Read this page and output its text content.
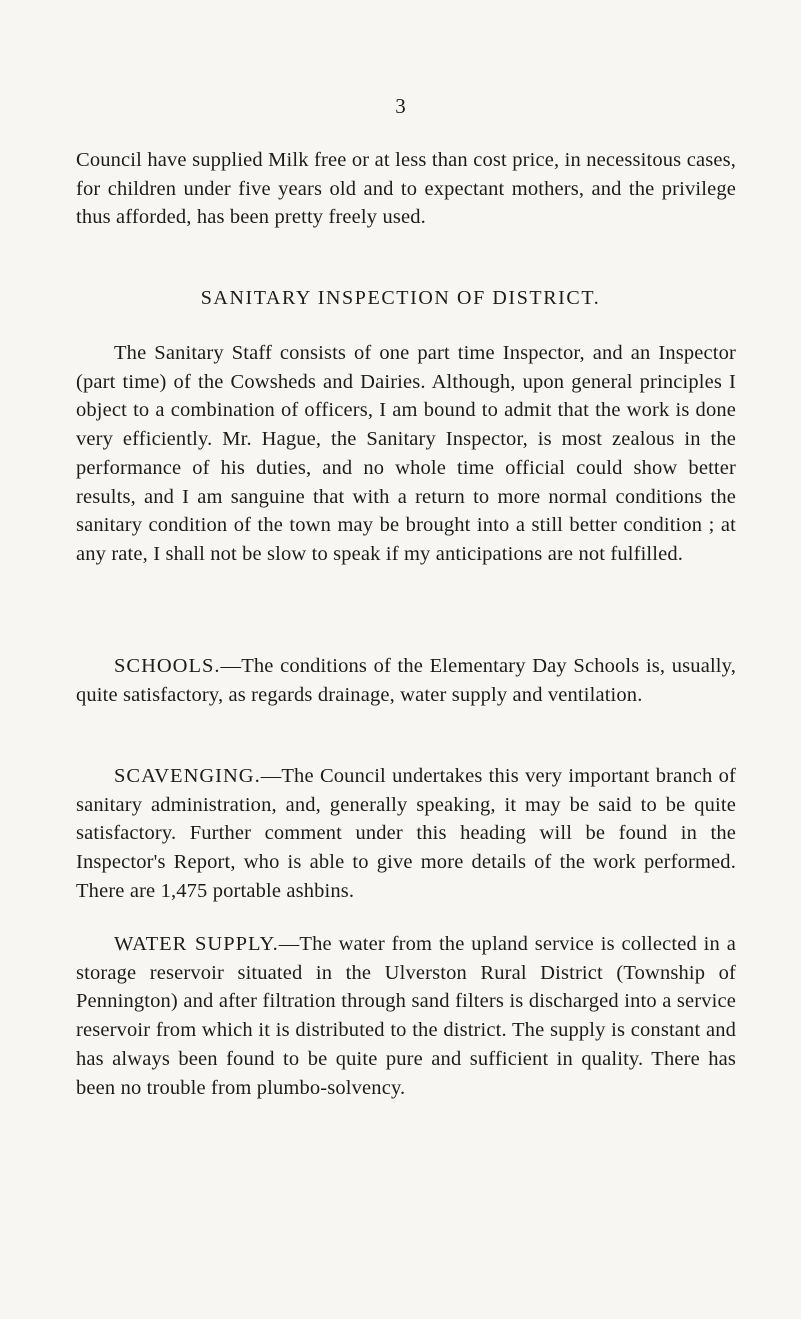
3

Council have supplied Milk free or at less than cost price, in necessitous cases, for children under five years old and to expectant mothers, and the privilege thus afforded, has been pretty freely used.

SANITARY INSPECTION OF DISTRICT.

The Sanitary Staff consists of one part time Inspector, and an Inspector (part time) of the Cowsheds and Dairies. Although, upon general principles I object to a combination of officers, I am bound to admit that the work is done very efficiently. Mr. Hague, the Sanitary Inspector, is most zealous in the performance of his duties, and no whole time official could show better results, and I am sanguine that with a return to more normal conditions the sanitary condition of the town may be brought into a still better condition ; at any rate, I shall not be slow to speak if my anticipations are not fulfilled.

SCHOOLS.—The conditions of the Elementary Day Schools is, usually, quite satisfactory, as regards drainage, water supply and ventilation.

SCAVENGING.—The Council undertakes this very important branch of sanitary administration, and, generally speaking, it may be said to be quite satisfactory. Further comment under this heading will be found in the Inspector's Report, who is able to give more details of the work performed. There are 1,475 portable ashbins.

WATER SUPPLY.—The water from the upland service is collected in a storage reservoir situated in the Ulverston Rural District (Township of Pennington) and after filtration through sand filters is discharged into a service reservoir from which it is distributed to the district. The supply is constant and has always been found to be quite pure and sufficient in quality. There has been no trouble from plumbo-solvency.
